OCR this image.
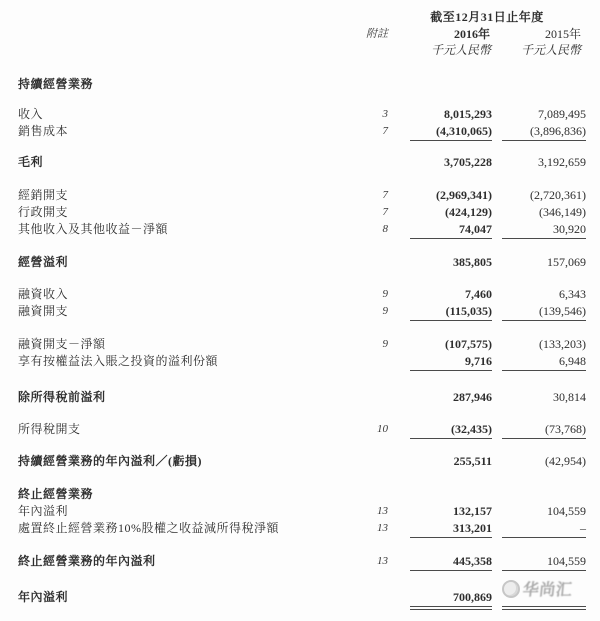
截至12月31日止年度
附註	2016年	2015年
千元人民幣	千元人民幣
持續經營業務
收入	3	8,015,293	7,089,495
銷售成本	7	(4,310,065)	(3,896,836)
毛利	3,705,228	3,192,659
經銷開支	7	(2,969,341)	(2,720,361)
行政開支	7	(424,129)	(346,149)
其他收入及其他收益－淨額	8	74,047	30,920
經營溢利	385,805	157,069
融資收入	9	7,460	6,343
融資開支	9	(115,035)	(139,546)
融資開支－淨額	9	(107,575)	(133,203)
享有按權益法入賬之投資的溢利份額	9,716	6,948
除所得稅前溢利	287,946	30,814
所得稅開支	10	(32,435)	(73,768)
持續經營業務的年內溢利／(虧損)	255,511	(42,954)
終止經營業務
年內溢利	13	132,157	104,559
處置終止經營業務10%股權之收益減所得稅淨額	13	313,201	–
終止經營業務的年內溢利	13	445,358	104,559
年內溢利	700,869 华尚汇
